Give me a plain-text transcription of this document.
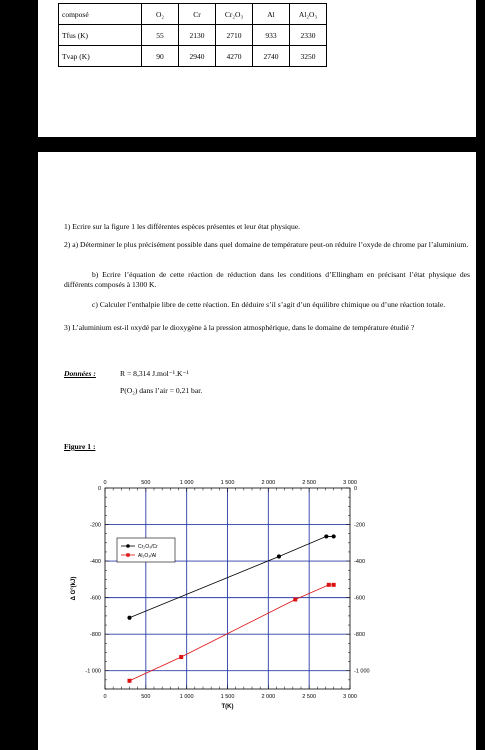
composé	O₂	Cr	Cr₂O₃	Al	Al₂O₃
Tfus (K)	55	2130	2710	933	2330
Tvap (K)	90	2940	4270	2740	3250
1) Ecrire sur la figure 1 les différentes espèces présentes et leur état physique.
2) a) Déterminer le plus précisément possible dans quel domaine de température peut-on réduire l’oxyde de chrome par l’aluminium.
b) Ecrire l’équation de cette réaction de réduction dans les conditions d’Ellingham en précisant l’état physique des différents composés à 1300 K.
c) Calculer l’enthalpie libre de cette réaction. En déduire s’il s’agit d’un équilibre chimique ou d’une réaction totale.
3) L’aluminium est-il oxydé par le dioxygène à la pression atmosphérique, dans le domaine de température étudié ?
Données :	R = 8,314 J.mol⁻¹.K⁻¹
P(O₂) dans l’air = 0,21 bar.
Figure 1 :
0
0
500
500
1 000
1 000
1 500
1 500
2 000
2 000
2 500
2 500
3 000
3 000
0	0
-200	-200
-400	-400
-600	-600
-800	-800
-1 000	-1 000
T(K)
Δ G°(kJ)
Cr₂O₃/Cr
Al₂O₃/Al
